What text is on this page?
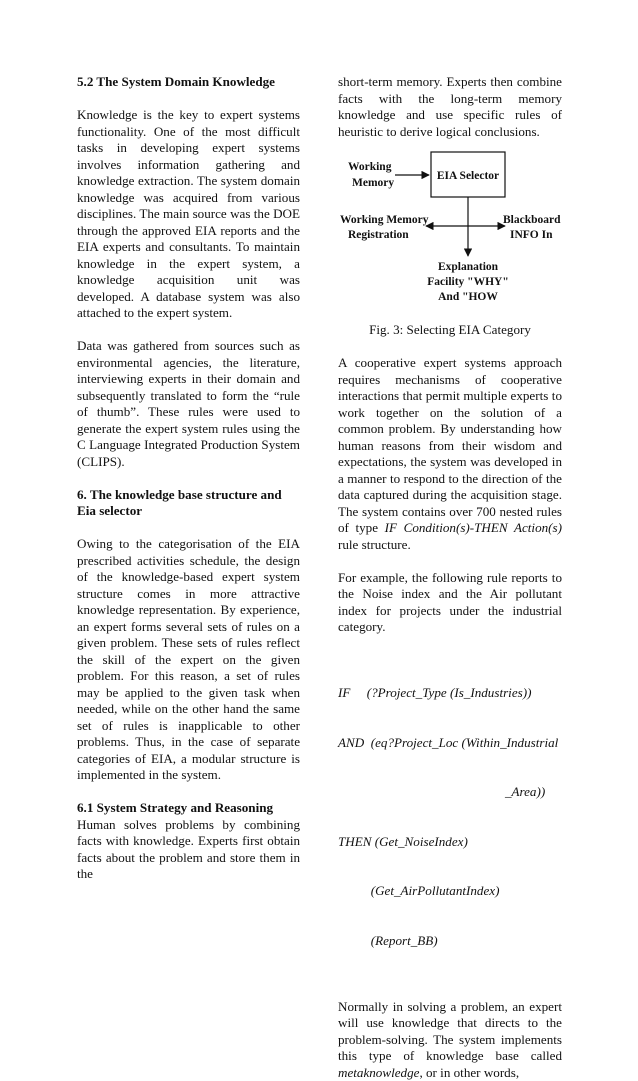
5.2 The System Domain Knowledge

Knowledge is the key to expert systems functionality. One of the most difficult tasks in developing expert systems involves information gathering and knowledge extraction. The system domain knowledge was acquired from various disciplines. The main source was the DOE through the approved EIA reports and the EIA experts and consultants. To maintain knowledge in the expert system, a knowledge acquisition unit was developed. A database system was also attached to the expert system.

Data was gathered from sources such as environmental agencies, the literature, interviewing experts in their domain and subsequently translated to form the “rule of thumb”. These rules were used to generate the expert system rules using the C Language Integrated Production System (CLIPS).

6. The knowledge base structure and
Eia selector

Owing to the categorisation of the EIA prescribed activities schedule, the design of the knowledge-based expert system structure comes in more attractive knowledge representation. By experience, an expert forms several sets of rules on a given problem. These sets of rules reflect the skill of the expert on the given problem. For this reason, a set of rules may be applied to the given task when needed, while on the other hand the same set of rules is inapplicable to other problems. Thus, in the case of separate categories of EIA, a modular structure is implemented in the system.

6.1 System Strategy and Reasoning

Human solves problems by combining facts with knowledge. Experts first obtain facts about the problem and store them in the

short-term memory. Experts then combine facts with the long-term memory knowledge and use specific rules of heuristic to derive logical conclusions.

EIA Selector
Working
Memory
Working Memory
Registration
Blackboard
INFO In
Explanation
Facility "WHY"
And "HOW

Fig. 3: Selecting EIA Category

A cooperative expert systems approach requires mechanisms of cooperative interactions that permit multiple experts to work together on the solution of a common problem. By understanding how human reasons from their wisdom and expectations, the system was developed in a manner to respond to the direction of the data captured during the acquisition stage. The system contains over 700 nested rules of type IF Condition(s)-THEN Action(s) rule structure.

For example, the following rule reports to the Noise index and the Air pollutant index for projects under the industrial category.

IF     (?Project_Type (Is_Industries))

AND  (eq?Project_Loc (Within_Industrial

_Area))

THEN (Get_NoiseIndex)

(Get_AirPollutantIndex)

(Report_BB)

Normally in solving a problem, an expert will use knowledge that directs to the problem-solving. The system implements this type of knowledge base called metaknowledge, or in other words,
